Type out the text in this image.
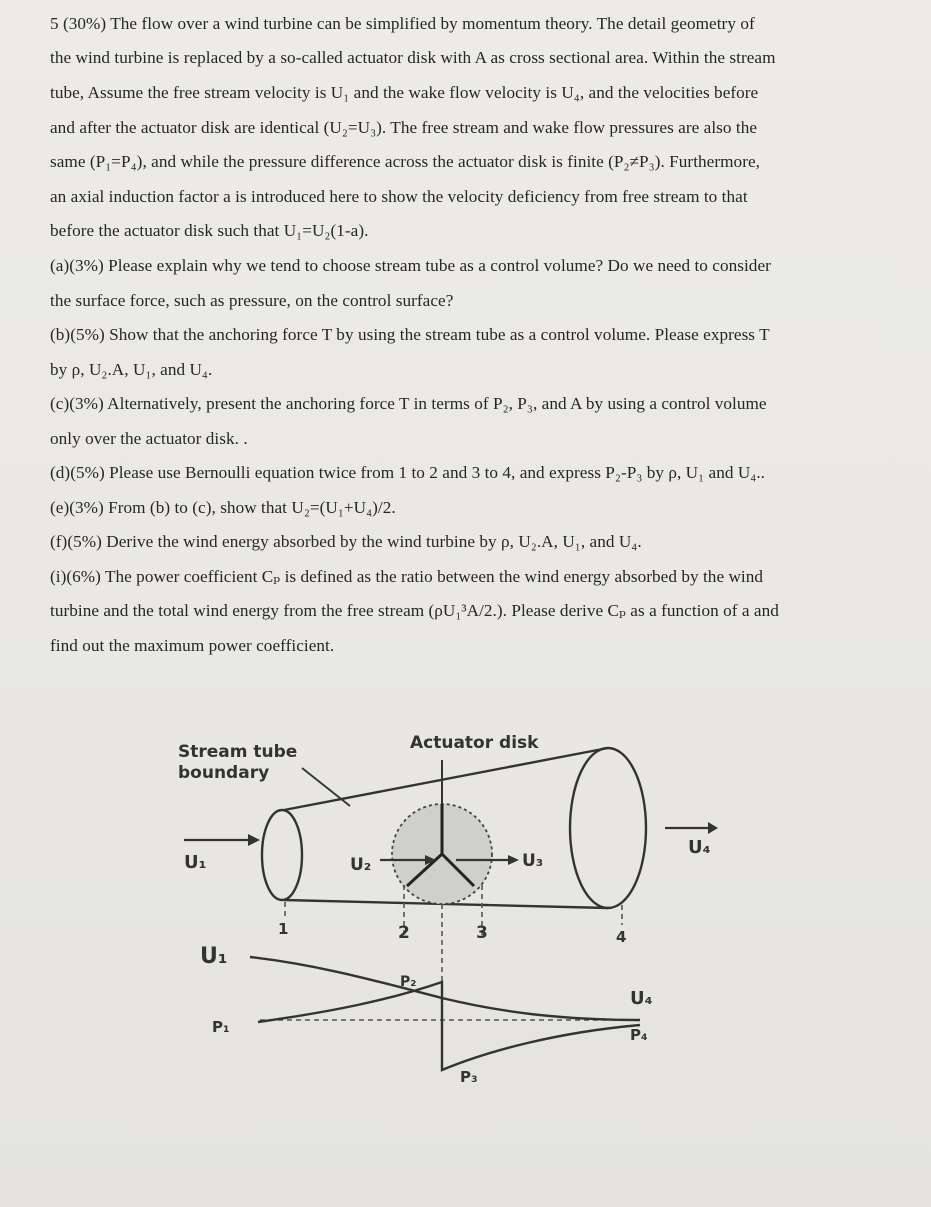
5 (30%) The flow over a wind turbine can be simplified by momentum theory. The detail geometry of
the wind turbine is replaced by a so-called actuator disk with A as cross sectional area. Within the stream
tube, Assume the free stream velocity is U₁ and the wake flow velocity is U₄, and the velocities before
and after the actuator disk are identical (U₂=U₃). The free stream and wake flow pressures are also the
same (P₁=P₄), and while the pressure difference across the actuator disk is finite (P₂≠P₃). Furthermore,
an axial induction factor a is introduced here to show the velocity deficiency from free stream to that
before the actuator disk such that U₁=U₂(1-a).
(a)(3%) Please explain why we tend to choose stream tube as a control volume? Do we need to consider
the surface force, such as pressure, on the control surface?
(b)(5%) Show that the anchoring force T by using the stream tube as a control volume. Please express T
by ρ, U₂.A, U₁, and U₄.
(c)(3%) Alternatively, present the anchoring force T in terms of P₂, P₃, and A by using a control volume
only over the actuator disk. .
(d)(5%) Please use Bernoulli equation twice from 1 to 2 and 3 to 4, and express P₂-P₃ by ρ, U₁ and U₄..
(e)(3%) From (b) to (c), show that U₂=(U₁+U₄)/2.
(f)(5%) Derive the wind energy absorbed by the wind turbine by ρ, U₂.A, U₁, and U₄.
(i)(6%) The power coefficient Cₚ is defined as the ratio between the wind energy absorbed by the wind
turbine and the total wind energy from the free stream (ρU₁³A/2.). Please derive Cₚ as a function of a and
find out the maximum power coefficient.
Stream tube
boundary
Actuator disk
U₁	U₂	U₃
U₄
1	2	3	4
U₁
P₁
P₂
P₃
U₄
P₄
